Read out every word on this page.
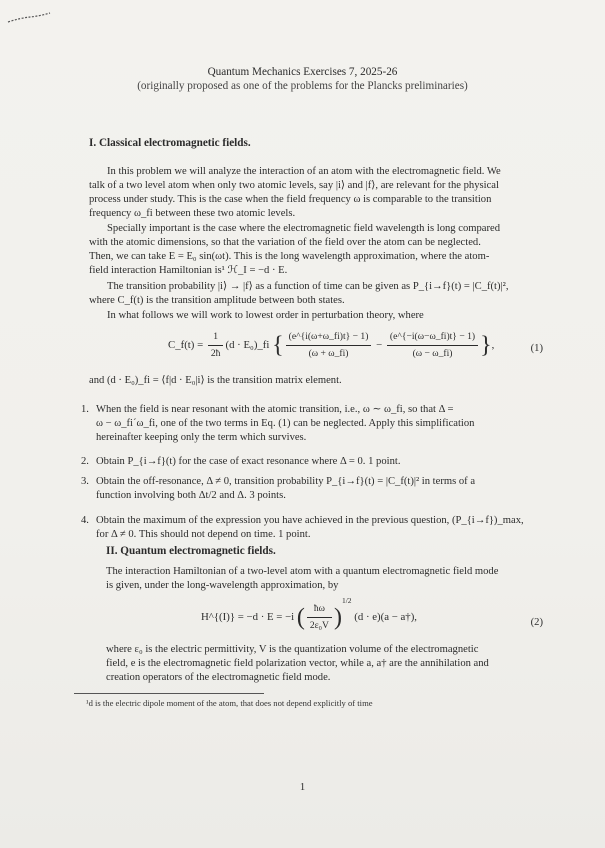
Quantum Mechanics Exercises 7, 2025-26
(originally proposed as one of the problems for the Plancks preliminaries)
I. Classical electromagnetic fields.
In this problem we will analyze the interaction of an atom with the electromagnetic field. We
talk of a two level atom when only two atomic levels, say |i⟩ and |f⟩, are relevant for the physical
process under study. This is the case when the field frequency ω is comparable to the transition
frequency ω_fi between these two atomic levels.
Specially important is the case where the electromagnetic field wavelength is long compared
with the atomic dimensions, so that the variation of the field over the atom can be neglected.
Then, we can take E = E₀ sin(ωt). This is the long wavelength approximation, where the atom-
field interaction Hamiltonian is¹ ℋ_I = −d · E.
The transition probability |i⟩ → |f⟩ as a function of time can be given as P_{i→f}(t) = |C_f(t)|²,
where C_f(t) is the transition amplitude between both states.
In what follows we will work to lowest order in perturbation theory, where
C_f(t) = $\frac{1}{2ħ} (d$ · E₀)_fi { $\frac{(e\^{}\{i(\omega+\omega\_fi)t\} - 1)}{(\omega + \omega\_fi)} - \frac{(e\^{}\{-i(\omega-\omega\_fi)t\} - 1)}{(\omega - \omega\_fi)}$ },	(1)
and (d · E₀)_fi = ⟨f|d · E₀|i⟩ is the transition matrix element.
1. When the field is near resonant with the atomic transition, i.e., ω ∼ ω_fi, so that Δ =
ω − ω_fi´ω_fi, one of the two terms in Eq. (1) can be neglected. Apply this simplification
hereinafter keeping only the term which survives.
2. Obtain P_{i→f}(t) for the case of exact resonance where Δ = 0. 1 point.
3. Obtain the off-resonance, Δ ≠ 0, transition probability P_{i→f}(t) = |C_f(t)|² in terms of a
function involving both Δt/2 and Δ. 3 points.
4. Obtain the maximum of the expression you have achieved in the previous question, (P_{i→f})_max,
for Δ ≠ 0. This should not depend on time. 1 point.
II. Quantum electromagnetic fields.
The interaction Hamiltonian of a two-level atom with a quantum electromagnetic field mode
is given, under the long-wavelength approximation, by
H^{(I)} = −d · E = −i ( $\frac{ħ\omega}{\text{2ε₀V}} )^{1/2}$ (d · e)(a − a†),	(2)
where ε₀ is the electric permittivity, V is the quantization volume of the electromagnetic
field, e is the electromagnetic field polarization vector, while a, a† are the annihilation and
creation operators of the electromagnetic field mode.
¹d is the electric dipole moment of the atom, that does not depend explicitly of time
1
